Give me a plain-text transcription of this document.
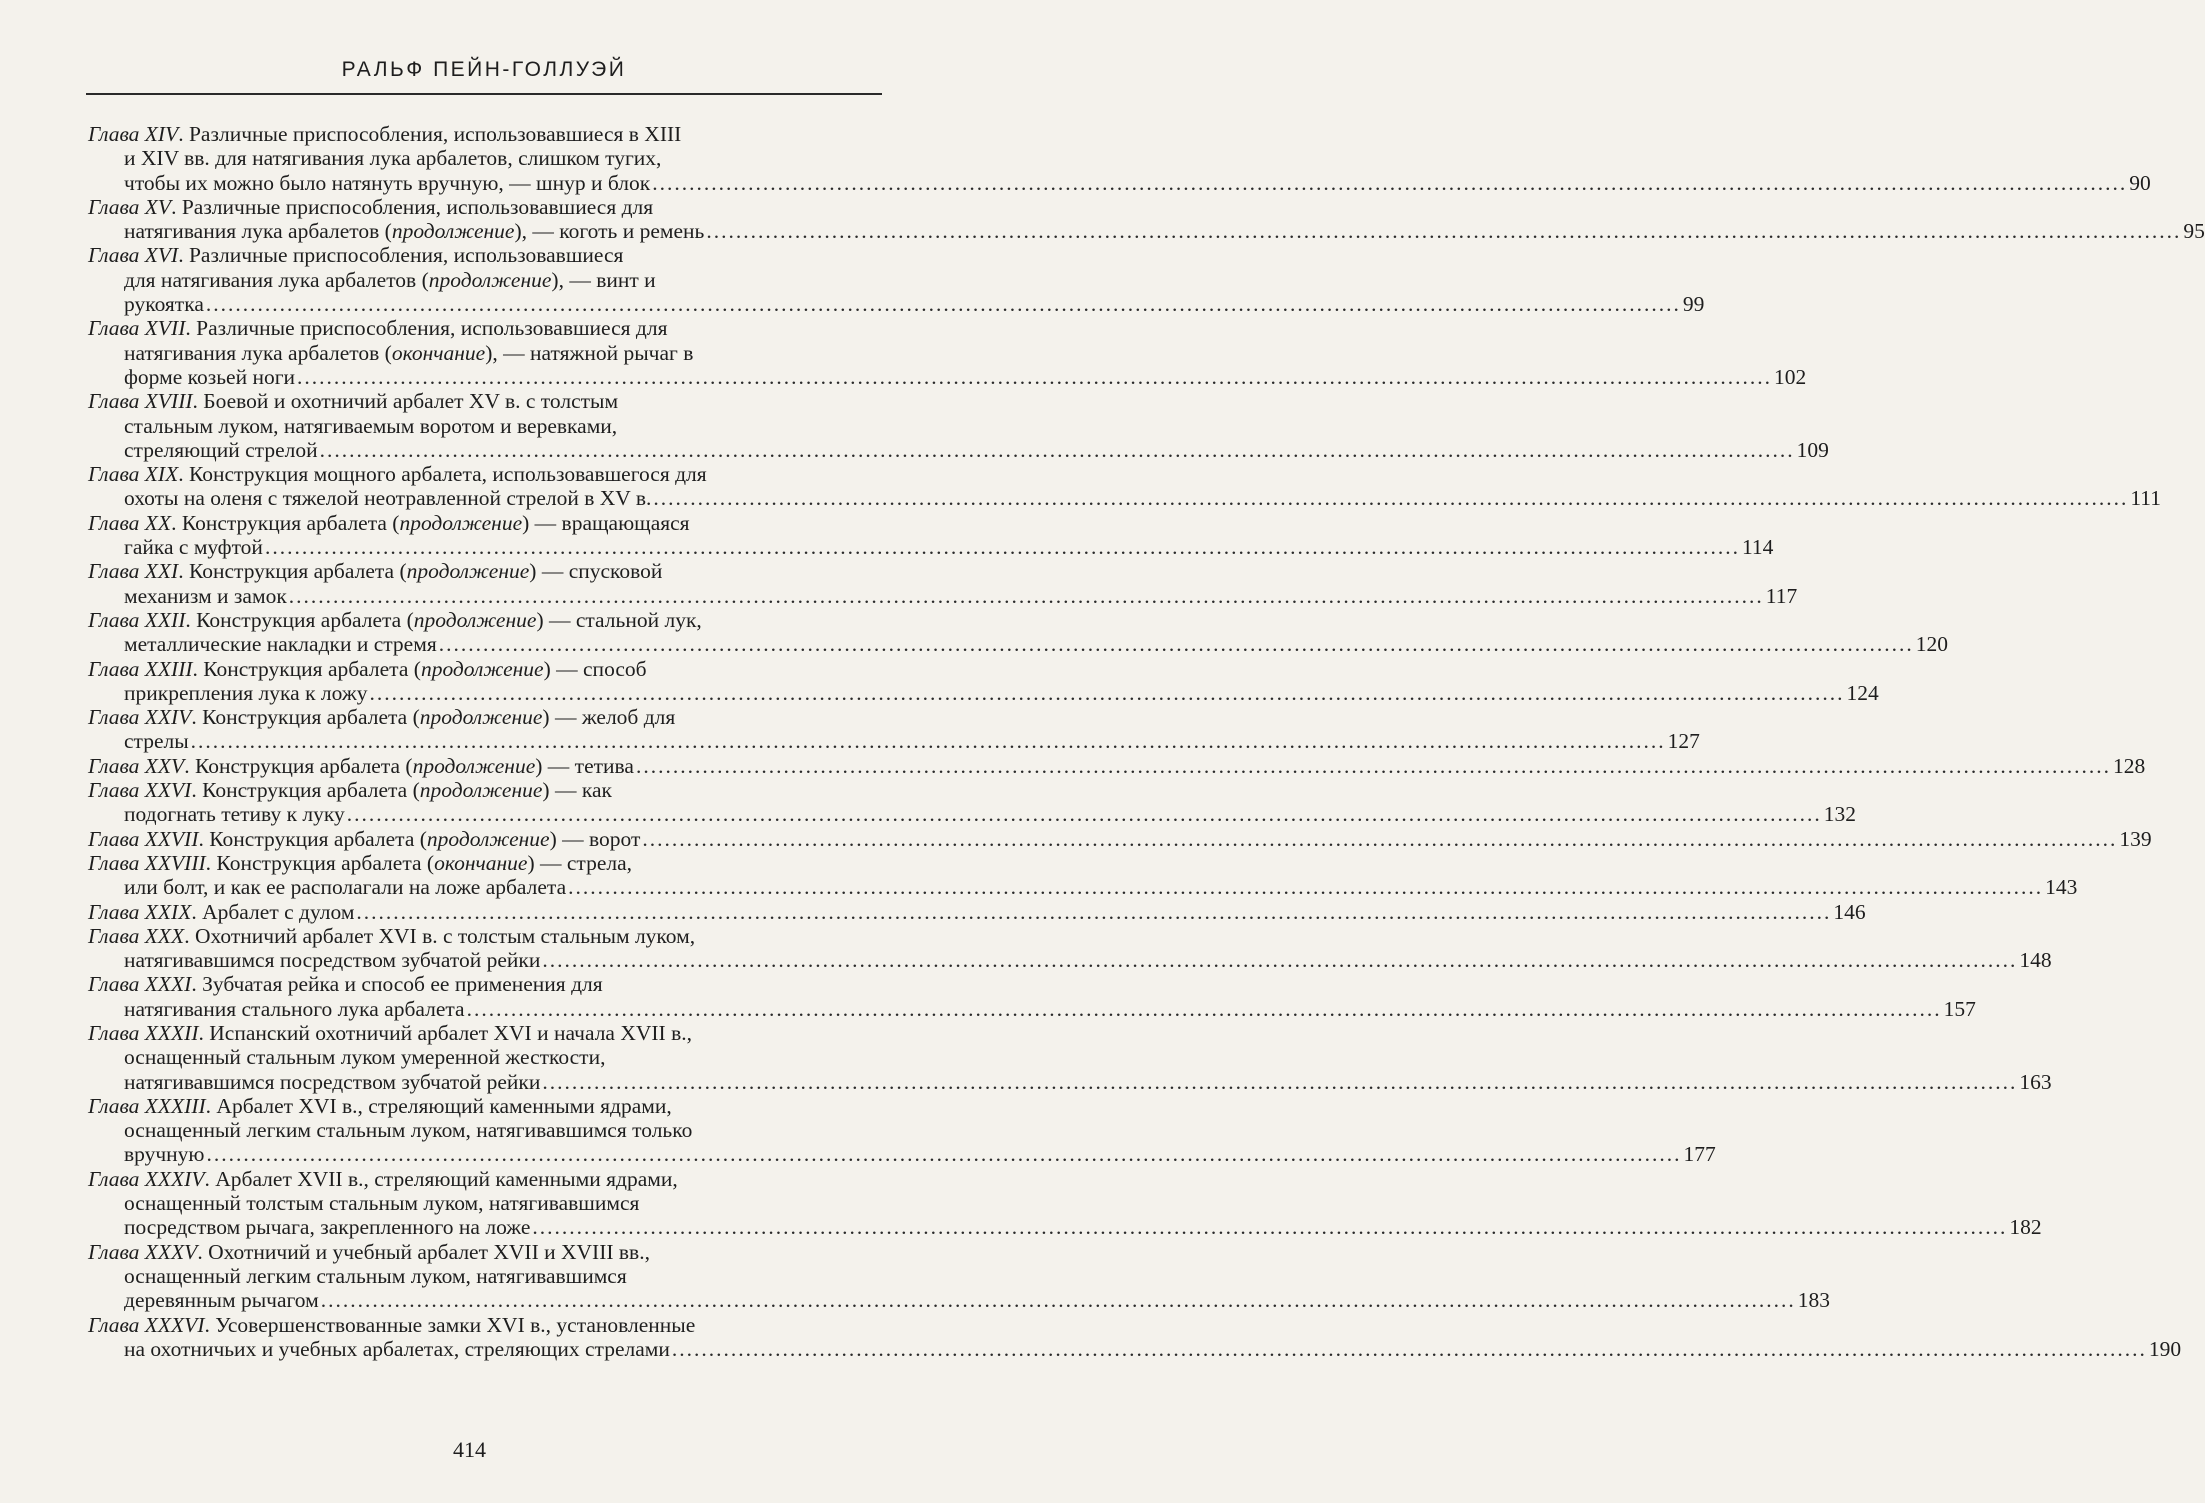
РАЛЬФ ПЕЙН-ГОЛЛУЭЙ
Глава XIV. Различные приспособления, использовавшиеся в XIII
и XIV вв. для натягивания лука арбалетов, слишком тугих,
чтобы их можно было натянуть вручную, — шнур и блок ........................................................................................................................................................................................................ 90
Глава XV. Различные приспособления, использовавшиеся для
натягивания лука арбалетов (продолжение), — коготь и ремень ........................................................................................................................................................................................................ 95
Глава XVI. Различные приспособления, использовавшиеся
для натягивания лука арбалетов (продолжение), — винт и
рукоятка ........................................................................................................................................................................................................ 99
Глава XVII. Различные приспособления, использовавшиеся для
натягивания лука арбалетов (окончание), — натяжной рычаг в
форме козьей ноги ........................................................................................................................................................................................................ 102
Глава XVIII. Боевой и охотничий арбалет XV в. с толстым
стальным луком, натягиваемым воротом и веревками,
стреляющий стрелой ........................................................................................................................................................................................................ 109
Глава XIX. Конструкция мощного арбалета, использовавшегося для
охоты на оленя с тяжелой неотравленной стрелой в XV в. ........................................................................................................................................................................................................ 111
Глава XX. Конструкция арбалета (продолжение) — вращающаяся
гайка с муфтой ........................................................................................................................................................................................................ 114
Глава XXI. Конструкция арбалета (продолжение) — спусковой
механизм и замок ........................................................................................................................................................................................................ 117
Глава XXII. Конструкция арбалета (продолжение) — стальной лук,
металлические накладки и стремя ........................................................................................................................................................................................................ 120
Глава XXIII. Конструкция арбалета (продолжение) — способ
прикрепления лука к ложу ........................................................................................................................................................................................................ 124
Глава XXIV. Конструкция арбалета (продолжение) — желоб для
стрелы ........................................................................................................................................................................................................ 127
Глава XXV. Конструкция арбалета (продолжение) — тетива ........................................................................................................................................................................................................ 128
Глава XXVI. Конструкция арбалета (продолжение) — как
подогнать тетиву к луку ........................................................................................................................................................................................................ 132
Глава XXVII. Конструкция арбалета (продолжение) — ворот ........................................................................................................................................................................................................ 139
Глава XXVIII. Конструкция арбалета (окончание) — стрела,
или болт, и как ее располагали на ложе арбалета ........................................................................................................................................................................................................ 143
Глава XXIX. Арбалет с дулом ........................................................................................................................................................................................................ 146
Глава XXX. Охотничий арбалет XVI в. с толстым стальным луком,
натягивавшимся посредством зубчатой рейки ........................................................................................................................................................................................................ 148
Глава XXXI. Зубчатая рейка и способ ее применения для
натягивания стального лука арбалета ........................................................................................................................................................................................................ 157
Глава XXXII. Испанский охотничий арбалет XVI и начала XVII в.,
оснащенный стальным луком умеренной жесткости,
натягивавшимся посредством зубчатой рейки ........................................................................................................................................................................................................ 163
Глава XXXIII. Арбалет XVI в., стреляющий каменными ядрами,
оснащенный легким стальным луком, натягивавшимся только
вручную ........................................................................................................................................................................................................ 177
Глава XXXIV. Арбалет XVII в., стреляющий каменными ядрами,
оснащенный толстым стальным луком, натягивавшимся
посредством рычага, закрепленного на ложе ........................................................................................................................................................................................................ 182
Глава XXXV. Охотничий и учебный арбалет XVII и XVIII вв.,
оснащенный легким стальным луком, натягивавшимся
деревянным рычагом ........................................................................................................................................................................................................ 183
Глава XXXVI. Усовершенствованные замки XVI в., установленные
на охотничьих и учебных арбалетах, стреляющих стрелами ........................................................................................................................................................................................................ 190
414
